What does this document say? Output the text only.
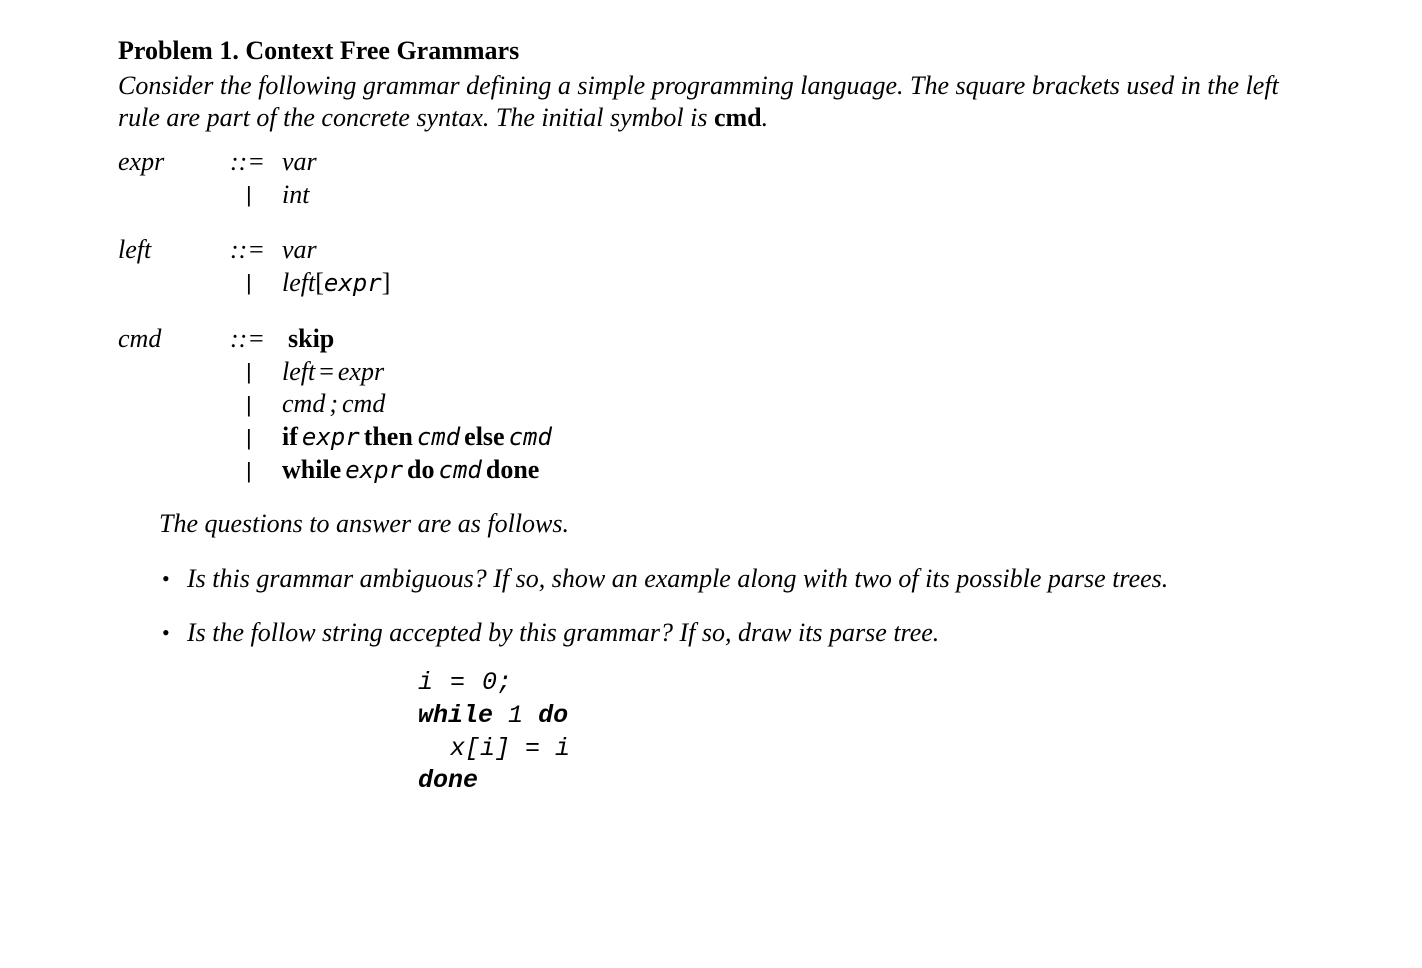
Problem 1. Context Free Grammars
Consider the following grammar defining a simple programming language. The square brackets used in the left rule are part of the concrete syntax. The initial symbol is cmd.
expr	::= var
| int
left	::= var
| left[expr]
cmd	::= skip
| left = expr
| cmd ; cmd
| if expr then cmd else cmd
| while expr do cmd done
The questions to answer are as follows.
• Is this grammar ambiguous? If so, show an example along with two of its possible parse trees.
• Is the follow string accepted by this grammar? If so, draw its parse tree.
i = 0;
while 1 do
x[i] = i
done
